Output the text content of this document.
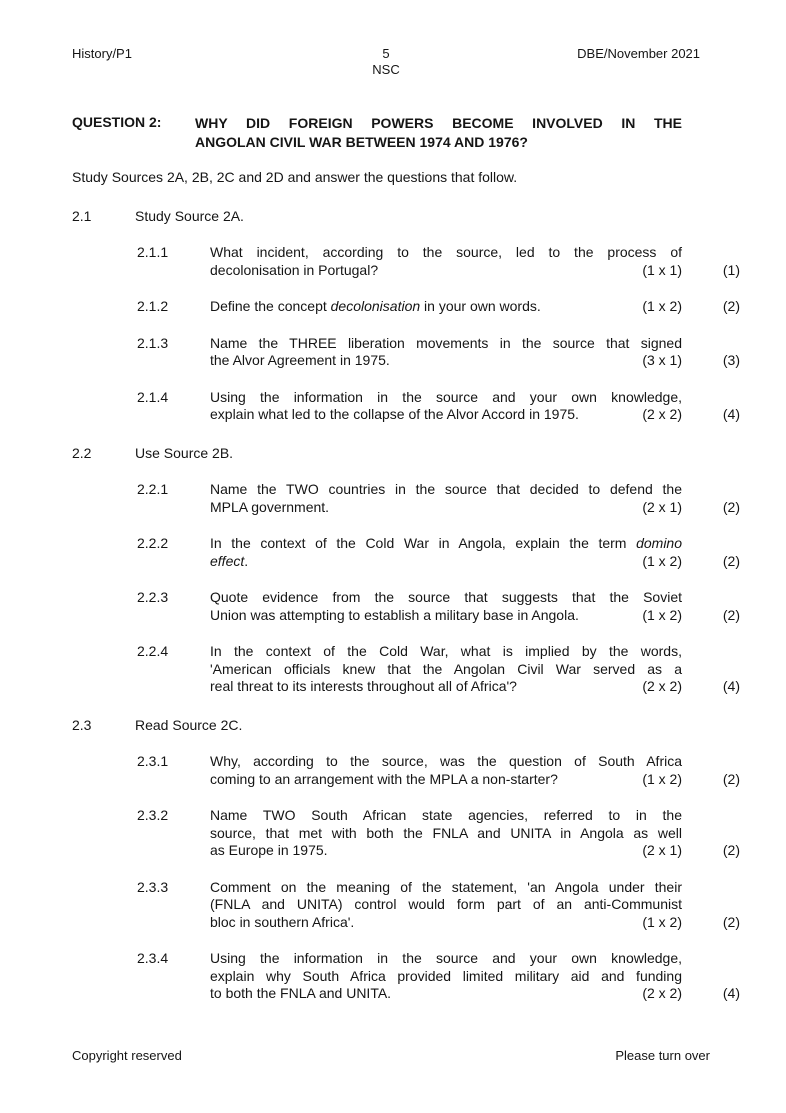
History/P1	5
NSC
DBE/November 2021
QUESTION 2:	WHY DID FOREIGN POWERS BECOME INVOLVED IN THE
ANGOLAN CIVIL WAR BETWEEN 1974 AND 1976?
Study Sources 2A, 2B, 2C and 2D and answer the questions that follow.
2.1	Study Source 2A.
2.1.1	What incident, according to the source, led to the process of
decolonisation in Portugal?	(1 x 1)	(1)
2.1.2	Define the concept decolonisation in your own words.	(1 x 2)	(2)
2.1.3	Name the THREE liberation movements in the source that signed
the Alvor Agreement in 1975.	(3 x 1)	(3)
2.1.4	Using the information in the source and your own knowledge,
explain what led to the collapse of the Alvor Accord in 1975.	(2 x 2)	(4)
2.2	Use Source 2B.
2.2.1	Name the TWO countries in the source that decided to defend the
MPLA government.	(2 x 1)	(2)
2.2.2	In the context of the Cold War in Angola, explain the term domino
effect.	(1 x 2)	(2)
2.2.3	Quote evidence from the source that suggests that the Soviet
Union was attempting to establish a military base in Angola.	(1 x 2)	(2)
2.2.4	In the context of the Cold War, what is implied by the words,
'American officials knew that the Angolan Civil War served as a
real threat to its interests throughout all of Africa'?	(2 x 2)	(4)
2.3	Read Source 2C.
2.3.1	Why, according to the source, was the question of South Africa
coming to an arrangement with the MPLA a non-starter?	(1 x 2)	(2)
2.3.2	Name TWO South African state agencies, referred to in the
source, that met with both the FNLA and UNITA in Angola as well
as Europe in 1975.	(2 x 1)	(2)
2.3.3	Comment on the meaning of the statement, 'an Angola under their
(FNLA and UNITA) control would form part of an anti-Communist
bloc in southern Africa'.	(1 x 2)	(2)
2.3.4	Using the information in the source and your own knowledge,
explain why South Africa provided limited military aid and funding
to both the FNLA and UNITA.	(2 x 2)	(4)
Copyright reserved	Please turn over
